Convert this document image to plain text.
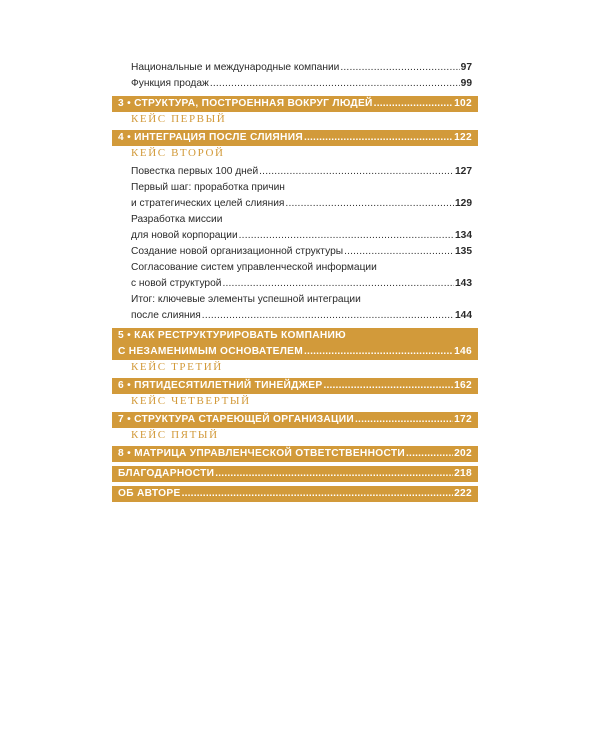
Национальные и международные компании .....	97
Функция продаж .....	99
3 • СТРУКТУРА, ПОСТРОЕННАЯ ВОКРУГ ЛЮДЕЙ .....	102
КЕЙС ПЕРВЫЙ
4 • ИНТЕГРАЦИЯ ПОСЛЕ СЛИЯНИЯ .....	122
КЕЙС ВТОРОЙ
Повестка первых 100 дней .....	127
Первый шаг: проработка причин
и стратегических целей слияния .....	129
Разработка миссии
для новой корпорации .....	134
Создание новой организационной структуры .....	135
Согласование систем управленческой информации
с новой структурой .....	143
Итог: ключевые элементы успешной интеграции
после слияния .....	144
5 • КАК РЕСТРУКТУРИРОВАТЬ КОМПАНИЮ
С НЕЗАМЕНИМЫМ ОСНОВАТЕЛЕМ .....	146
КЕЙС ТРЕТИЙ
6 • ПЯТИДЕСЯТИЛЕТНИЙ ТИНЕЙДЖЕР .....	162
КЕЙС ЧЕТВЕРТЫЙ
7 • СТРУКТУРА СТАРЕЮЩЕЙ ОРГАНИЗАЦИИ .....	172
КЕЙС ПЯТЫЙ
8 • МАТРИЦА УПРАВЛЕНЧЕСКОЙ ОТВЕТСТВЕННОСТИ .....	202
БЛАГОДАРНОСТИ .....	218
ОБ АВТОРЕ .....	222
